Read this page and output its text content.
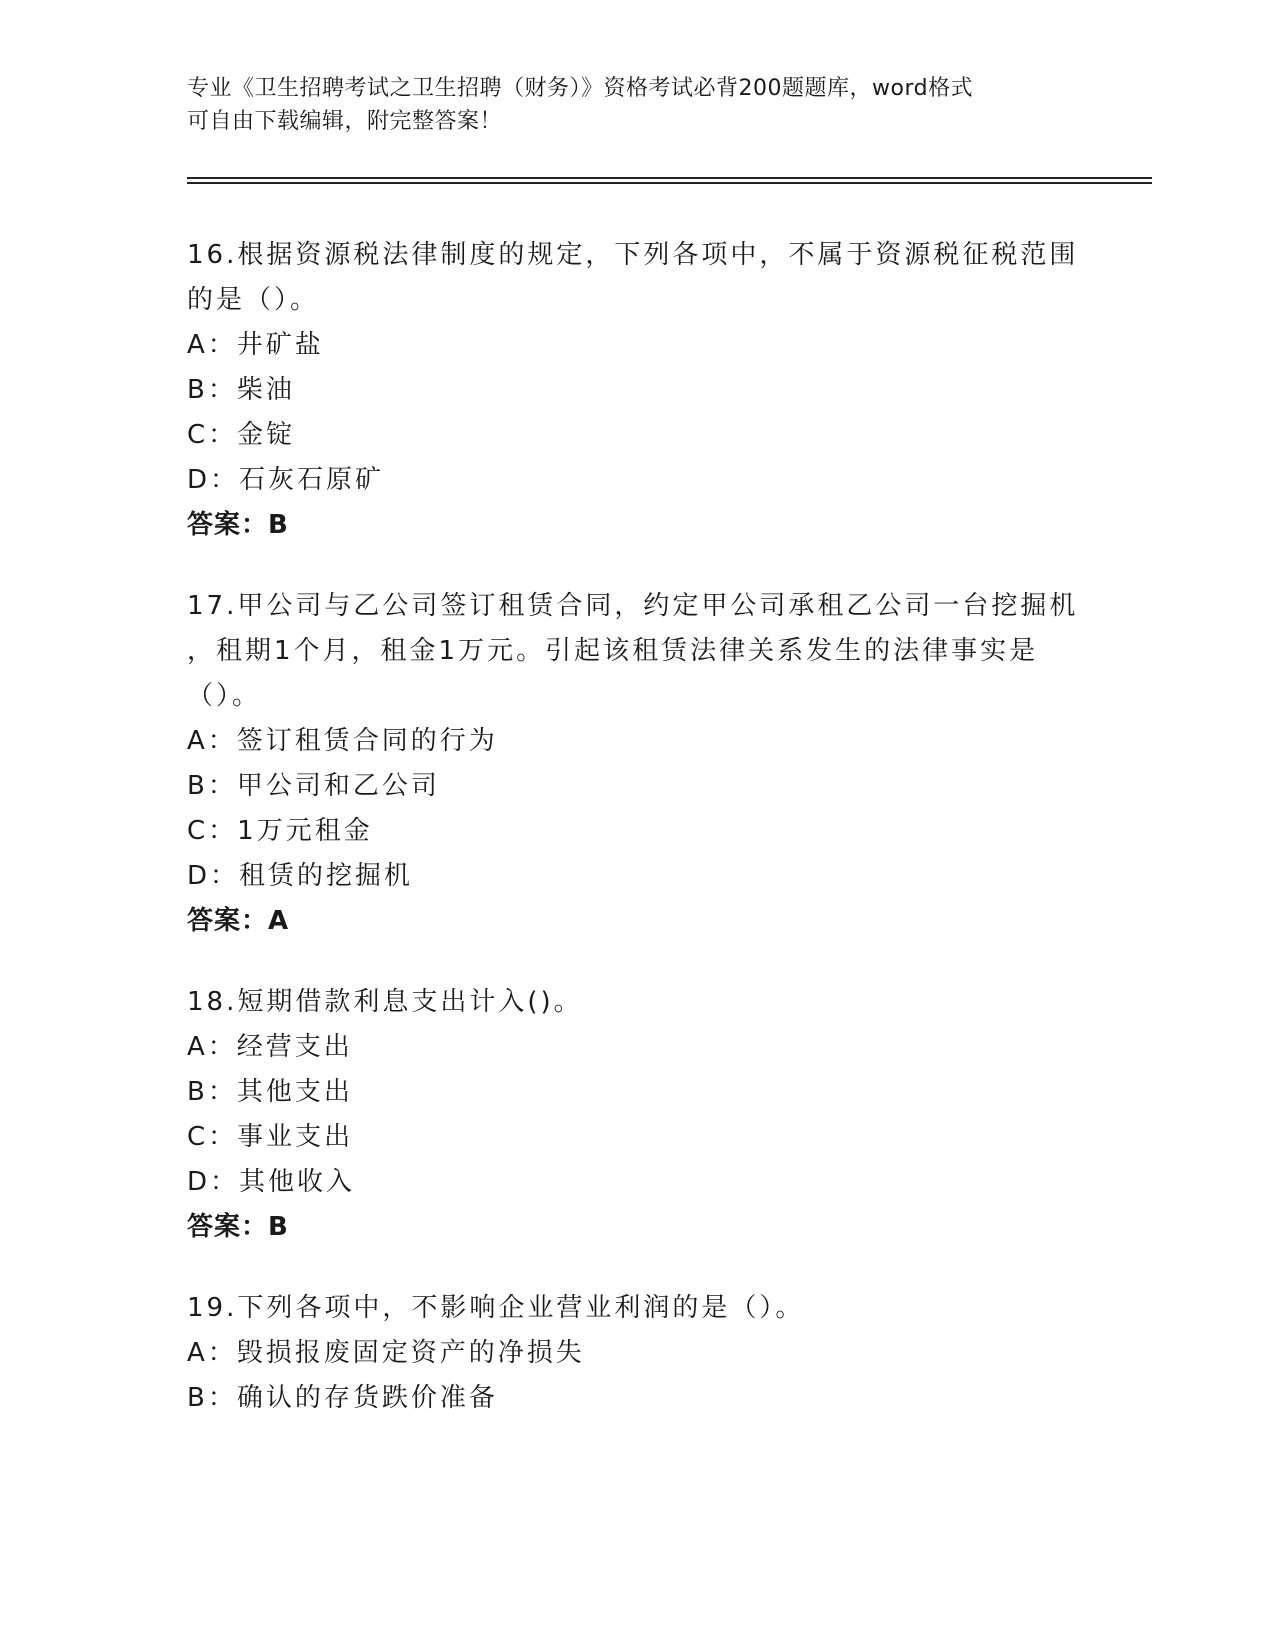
专业《卫生招聘考试之卫生招聘（财务）》资格考试必背200题题库，word格式
可自由下载编辑，附完整答案！
16.根据资源税法律制度的规定，下列各项中，不属于资源税征税范围
的是（）。
A：井矿盐
B：柴油
C：金锭
D：石灰石原矿
答案：B
17.甲公司与乙公司签订租赁合同，约定甲公司承租乙公司一台挖掘机
，租期1个月，租金1万元。引起该租赁法律关系发生的法律事实是
（）。
A：签订租赁合同的行为
B：甲公司和乙公司
C：1万元租金
D：租赁的挖掘机
答案：A
18.短期借款利息支出计入()。
A：经营支出
B：其他支出
C：事业支出
D：其他收入
答案：B
19.下列各项中，不影响企业营业利润的是（）。
A：毁损报废固定资产的净损失
B：确认的存货跌价准备
